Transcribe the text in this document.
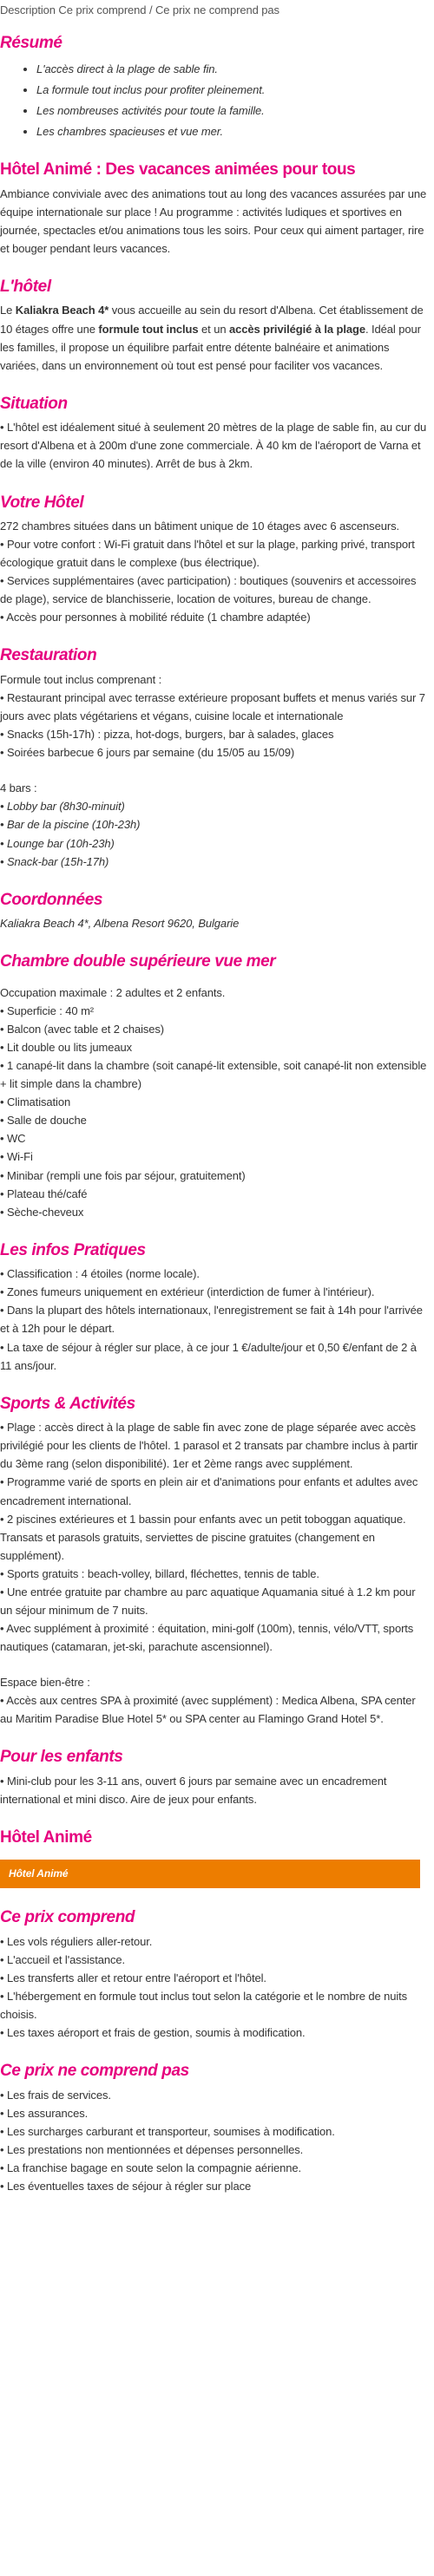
Description Ce prix comprend / Ce prix ne comprend pas

Résumé
• L'accès direct à la plage de sable fin.
• La formule tout inclus pour profiter pleinement.
• Les nombreuses activités pour toute la famille.
• Les chambres spacieuses et vue mer.
Hôtel Animé : Des vacances animées pour tous

Ambiance conviviale avec des animations tout au long des vacances assurées par une équipe internationale sur place ! Au programme : activités ludiques et sportives en journée, spectacles et/ou animations tous les soirs. Pour ceux qui aiment partager, rire et bouger pendant leurs vacances.

L'hôtel

Le Kaliakra Beach 4* vous accueille au sein du resort d'Albena. Cet établissement de 10 étages offre une formule tout inclus et un accès privilégié à la plage. Idéal pour les familles, il propose un équilibre parfait entre détente balnéaire et animations variées, dans un environnement où tout est pensé pour faciliter vos vacances.

Situation

• L'hôtel est idéalement situé à seulement 20 mètres de la plage de sable fin, au cur du resort d'Albena et à 200m d'une zone commerciale. À 40 km de l'aéroport de Varna et de la ville (environ 40 minutes). Arrêt de bus à 2km.

Votre Hôtel
272 chambres situées dans un bâtiment unique de 10 étages avec 6 ascenseurs.
• Pour votre confort : Wi-Fi gratuit dans l'hôtel et sur la plage, parking privé, transport écologique gratuit dans le complexe (bus électrique).
• Services supplémentaires (avec participation) : boutiques (souvenirs et accessoires de plage), service de blanchisserie, location de voitures, bureau de change.
• Accès pour personnes à mobilité réduite (1 chambre adaptée)
Restauration
Formule tout inclus comprenant :
• Restaurant principal avec terrasse extérieure proposant buffets et menus variés sur 7 jours avec plats végétariens et végans, cuisine locale et internationale
• Snacks (15h-17h) : pizza, hot-dogs, burgers, bar à salades, glaces
• Soirées barbecue 6 jours par semaine (du 15/05 au 15/09)
4 bars :
• Lobby bar (8h30-minuit)
• Bar de la piscine (10h-23h)
• Lounge bar (10h-23h)
• Snack-bar (15h-17h)
Coordonnées

Kaliakra Beach 4*, Albena Resort 9620, Bulgarie

Chambre double supérieure vue mer
Occupation maximale : 2 adultes et 2 enfants.
• Superficie : 40 m²
• Balcon (avec table et 2 chaises)
• Lit double ou lits jumeaux
• 1 canapé-lit dans la chambre (soit canapé-lit extensible, soit canapé-lit non extensible + lit simple dans la chambre)
• Climatisation
• Salle de douche
• WC
• Wi-Fi
• Minibar (rempli une fois par séjour, gratuitement)
• Plateau thé/café
• Sèche-cheveux
Les infos Pratiques
• Classification : 4 étoiles (norme locale).
• Zones fumeurs uniquement en extérieur (interdiction de fumer à l'intérieur).
• Dans la plupart des hôtels internationaux, l'enregistrement se fait à 14h pour l'arrivée et à 12h pour le départ.
• La taxe de séjour à régler sur place, à ce jour 1 €/adulte/jour et 0,50 €/enfant de 2 à 11 ans/jour.
Sports & Activités
• Plage : accès direct à la plage de sable fin avec zone de plage séparée avec accès privilégié pour les clients de l'hôtel. 1 parasol et 2 transats par chambre inclus à partir du 3ème rang (selon disponibilité). 1er et 2ème rangs avec supplément.
• Programme varié de sports en plein air et d'animations pour enfants et adultes avec encadrement international.
• 2 piscines extérieures et 1 bassin pour enfants avec un petit toboggan aquatique. Transats et parasols gratuits, serviettes de piscine gratuites (changement en supplément).
• Sports gratuits : beach-volley, billard, fléchettes, tennis de table.
• Une entrée gratuite par chambre au parc aquatique Aquamania situé à 1.2 km pour un séjour minimum de 7 nuits.
• Avec supplément à proximité : équitation, mini-golf (100m), tennis, vélo/VTT, sports nautiques (catamaran, jet-ski, parachute ascensionnel).
Espace bien-être :
• Accès aux centres SPA à proximité (avec supplément) : Medica Albena, SPA center au Maritim Paradise Blue Hotel 5* ou SPA center au Flamingo Grand Hotel 5*.
Pour les enfants
• Mini-club pour les 3-11 ans, ouvert 6 jours par semaine avec un encadrement international et mini disco. Aire de jeux pour enfants.
Hôtel Animé
Hôtel Animé
Ce prix comprend
• Les vols réguliers aller-retour.
• L'accueil et l'assistance.
• Les transferts aller et retour entre l'aéroport et l'hôtel.
• L'hébergement en formule tout inclus tout selon la catégorie et le nombre de nuits choisis.
• Les taxes aéroport et frais de gestion, soumis à modification.
Ce prix ne comprend pas
• Les frais de services.
• Les assurances.
• Les surcharges carburant et transporteur, soumises à modification.
• Les prestations non mentionnées et dépenses personnelles.
• La franchise bagage en soute selon la compagnie aérienne.
• Les éventuelles taxes de séjour à régler sur place
